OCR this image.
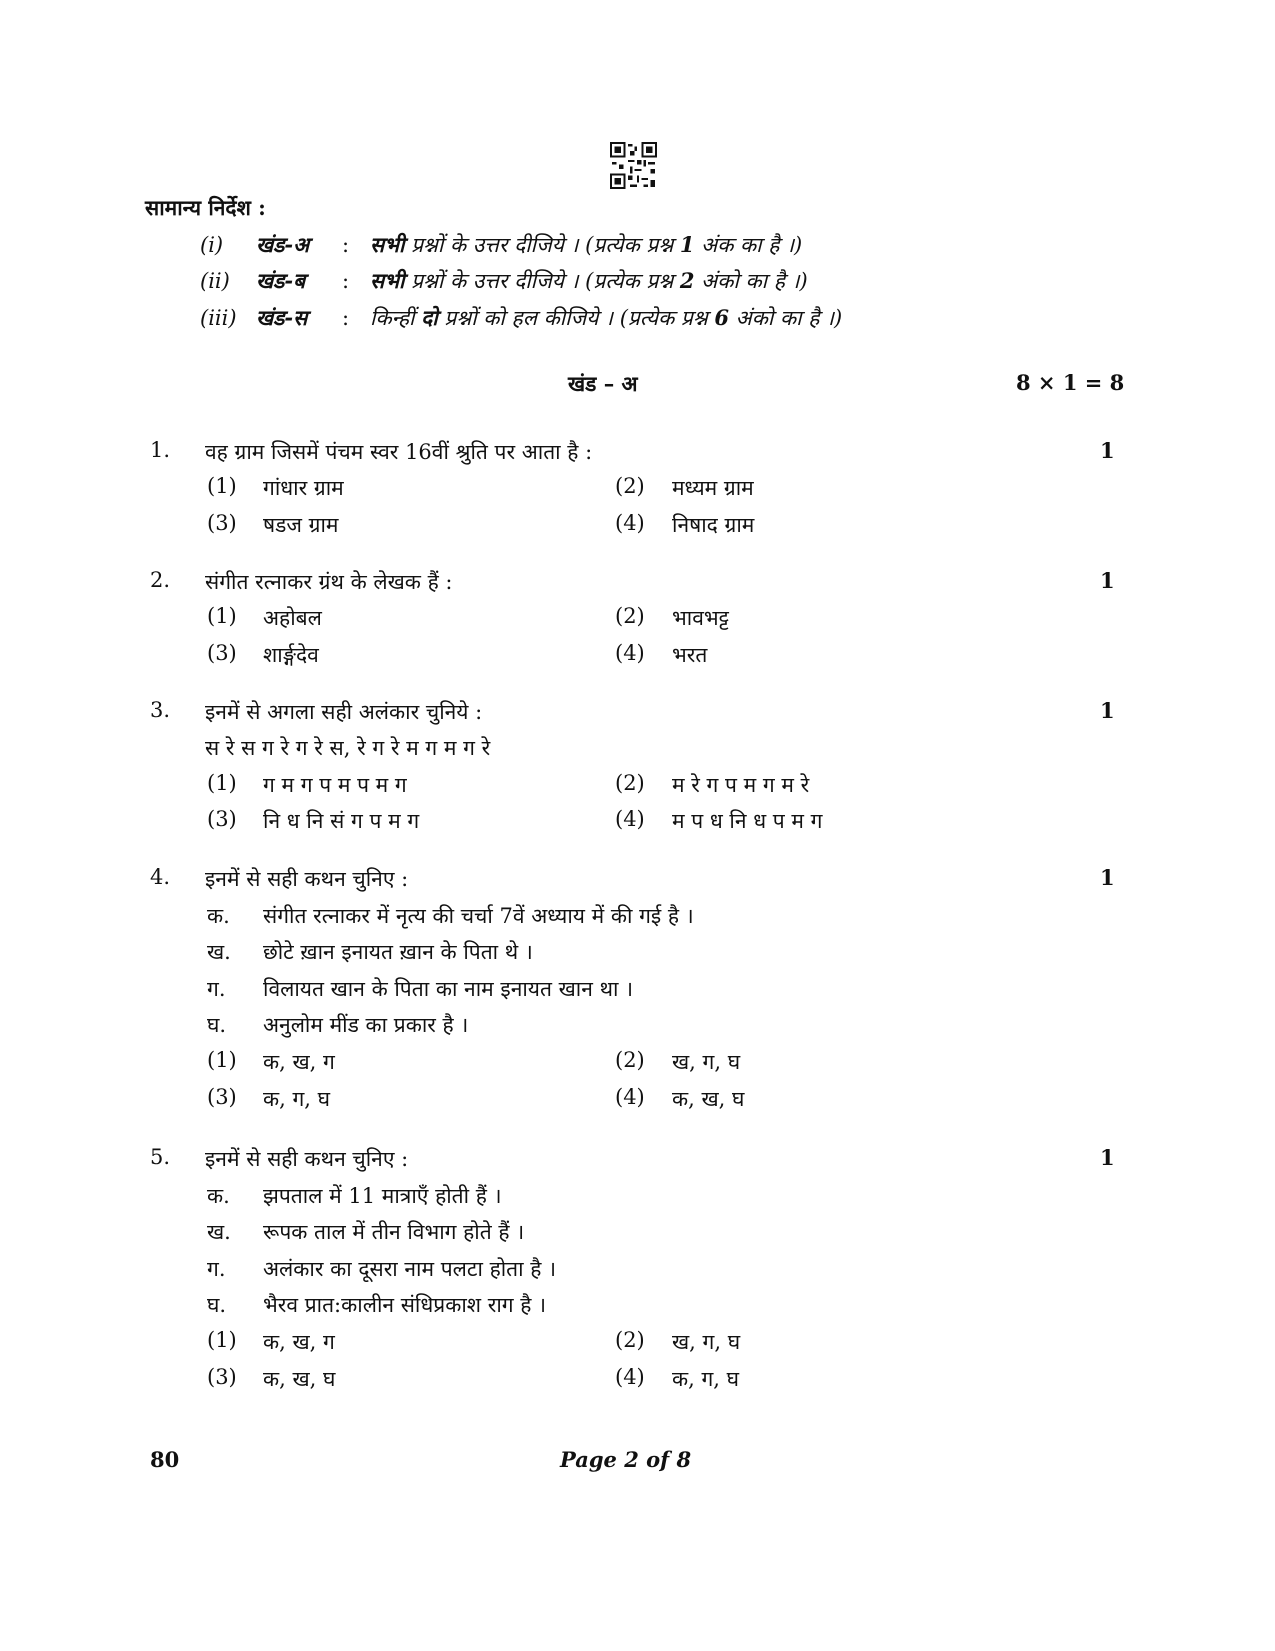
सामान्य निर्देश :
(i) खंड-अ : सभी प्रश्नों के उत्तर दीजिये । (प्रत्येक प्रश्न 1 अंक का है ।)
(ii) खंड-ब : सभी प्रश्नों के उत्तर दीजिये । (प्रत्येक प्रश्न 2 अंको का है ।)
(iii) खंड-स : किन्हीं दो प्रश्नों को हल कीजिये । (प्रत्येक प्रश्न 6 अंको का है ।)
खंड – अ	8 × 1 = 8
1. वह ग्राम जिसमें पंचम स्वर 16वीं श्रुति पर आता है :	1
(1) गांधार ग्राम	(2) मध्यम ग्राम
(3) षडज ग्राम	(4) निषाद ग्राम
2. संगीत रत्नाकर ग्रंथ के लेखक हैं :	1
(1) अहोबल	(2) भावभट्ट
(3) शार्ङ्गदेव	(4) भरत
3. इनमें से अगला सही अलंकार चुनिये :	1
स रे स ग रे ग रे स, रे ग रे म ग म ग रे
(1) ग म ग प म प म ग	(2) म रे ग प म ग म रे
(3) नि ध नि सं ग प म ग	(4) म प ध नि ध प म ग
4. इनमें से सही कथन चुनिए :	1
क. संगीत रत्नाकर में नृत्य की चर्चा 7वें अध्याय में की गई है ।
ख. छोटे ख़ान इनायत ख़ान के पिता थे ।
ग. विलायत खान के पिता का नाम इनायत खान था ।
घ. अनुलोम मींड का प्रकार है ।
(1) क, ख, ग	(2) ख, ग, घ
(3) क, ग, घ	(4) क, ख, घ
5. इनमें से सही कथन चुनिए :	1
क. झपताल में 11 मात्राएँ होती हैं ।
ख. रूपक ताल में तीन विभाग होते हैं ।
ग. अलंकार का दूसरा नाम पलटा होता है ।
घ. भैरव प्रात:कालीन संधिप्रकाश राग है ।
(1) क, ख, ग	(2) ख, ग, घ
(3) क, ख, घ	(4) क, ग, घ
80	Page 2 of 8
